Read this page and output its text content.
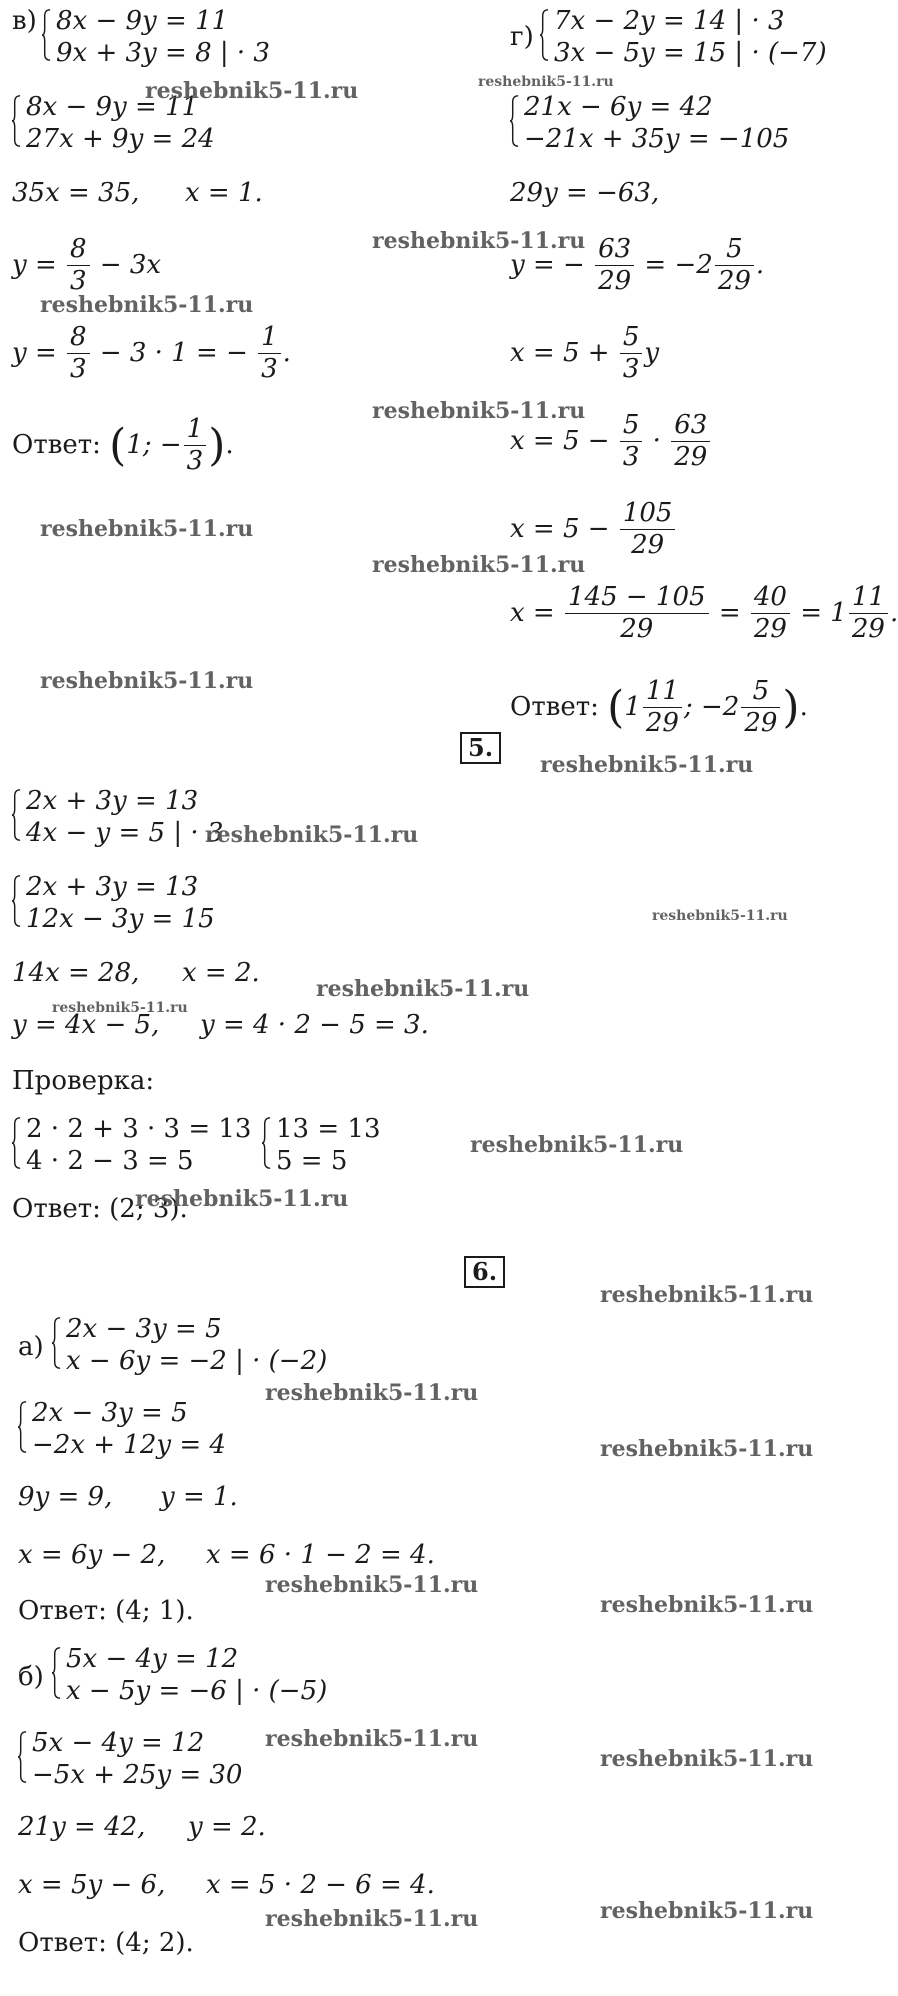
в) 8x − 9y = 11
9x + 3y = 8 | · 3
8x − 9y = 11
27x + 9y = 24
35x = 35, x = 1.
$y = \frac{8}{3} - 3x$
$y = \frac{8}{3} - 3 \cdot 1$ = − $\frac{1}{3}$ .
Ответ: (1; − $\frac{1}{3}$ ).
г)
7x − 2y = 14 | · 3
3x − 5y = 15 | · (−7)
21x − 6y = 42
−21x + 35y = −105
29y = −63,
y = − $\frac{63}{29} = -2 \frac{5}{29}$ .
$x = 5 + \frac{5}{3}$ y
$x = 5 - \frac{5}{3} \cdot \frac{63}{29}$
$x = 5 - \frac{105}{29}$
$x = \frac{145 - 105}{29} = \frac{40}{29} = 1 \frac{11}{29}$ .
Ответ: ($1 \frac{11}{29}$ ; $-2 \frac{5}{29}$ ).
5.
2x + 3y = 13
4x − y = 5 | · 3
2x + 3y = 13
12x − 3y = 15
14x = 28, x = 2.
y = 4x − 5, y = 4 · 2 − 5 = 3.
Проверка:
2 · 2 + 3 · 3 = 13
4 · 2 − 3 = 5
13 = 13
5 = 5
Ответ: (2; 3).
6.
а)
2x − 3y = 5
x − 6y = −2 | · (−2)
2x − 3y = 5
−2x + 12y = 4
9y = 9, y = 1.
x = 6y − 2, x = 6 · 1 − 2 = 4.
Ответ: (4; 1).
б)
5x − 4y = 12
x − 5y = −6 | · (−5)
5x − 4y = 12
−5x + 25y = 30
21y = 42, y = 2.
x = 5y − 6, x = 5 · 2 − 6 = 4.
Ответ: (4; 2).
reshebnik5-11.ru	reshebnik5-11.ru
reshebnik5-11.ru
reshebnik5-11.ru
reshebnik5-11.ru
reshebnik5-11.ru
reshebnik5-11.ru
reshebnik5-11.ru
reshebnik5-11.ru
reshebnik5-11.ru
reshebnik5-11.ru
reshebnik5-11.ru
reshebnik5-11.ru
reshebnik5-11.ru
reshebnik5-11.ru
reshebnik5-11.ru
reshebnik5-11.ru
reshebnik5-11.ru
reshebnik5-11.ru
reshebnik5-11.ru
reshebnik5-11.ru
reshebnik5-11.ru
reshebnik5-11.ru	reshebnik5-11.ru
